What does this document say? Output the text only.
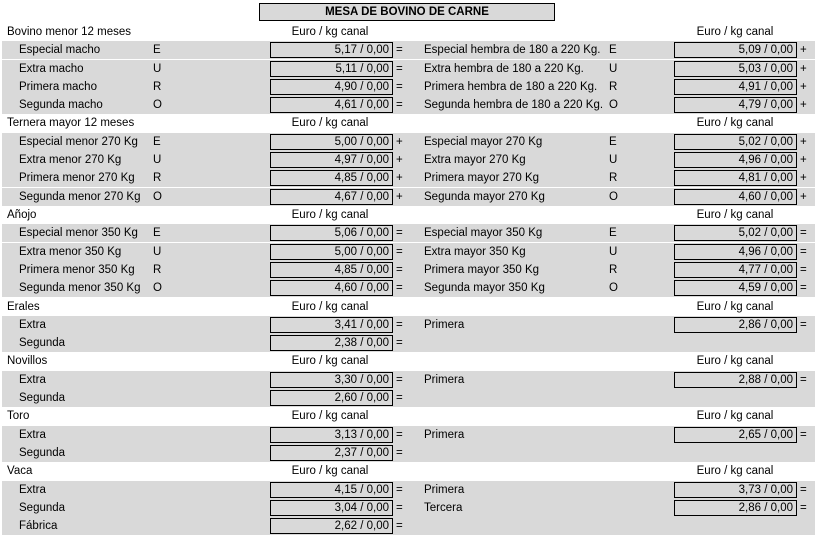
MESA DE BOVINO DE CARNE
Bovino menor 12 meses	Euro / kg canal	Euro / kg canal
Especial macho	E	5,17 / 0,00 = Especial hembra de 180 a 220 Kg. E	5,09 / 0,00 +
Extra macho	U	5,11 / 0,00 = Extra hembra de 180 a 220 Kg. U	5,03 / 0,00 +
Primera macho	R	4,90 / 0,00 = Primera hembra de 180 a 220 Kg. R	4,91 / 0,00 +
Segunda macho	O	4,61 / 0,00 = Segunda hembra de 180 a 220 Kg. O	4,79 / 0,00 +
Ternera mayor 12 meses	Euro / kg canal	Euro / kg canal
Especial menor 270 Kg E	5,00 / 0,00 + Especial mayor 270 Kg	E	5,02 / 0,00 +
Extra menor 270 Kg	U	4,97 / 0,00 + Extra mayor 270 Kg	U	4,96 / 0,00 +
Primera menor 270 Kg R	4,85 / 0,00 + Primera mayor 270 Kg	R	4,81 / 0,00 +
Segunda menor 270 Kg O	4,67 / 0,00 + Segunda mayor 270 Kg	O	4,60 / 0,00 +
Añojo	Euro / kg canal	Euro / kg canal
Especial menor 350 Kg E	5,06 / 0,00 = Especial mayor 350 Kg	E	5,02 / 0,00 =
Extra menor 350 Kg	U	5,00 / 0,00 = Extra mayor 350 Kg	U	4,96 / 0,00 =
Primera menor 350 Kg R	4,85 / 0,00 = Primera mayor 350 Kg	R	4,77 / 0,00 =
Segunda menor 350 Kg O	4,60 / 0,00 = Segunda mayor 350 Kg	O	4,59 / 0,00 =
Erales	Euro / kg canal	Euro / kg canal
Extra	3,41 / 0,00 = Primera	2,86 / 0,00 =
Segunda	2,38 / 0,00 =
Novillos	Euro / kg canal	Euro / kg canal
Extra	3,30 / 0,00 = Primera	2,88 / 0,00 =
Segunda	2,60 / 0,00 =
Toro	Euro / kg canal	Euro / kg canal
Extra	3,13 / 0,00 = Primera	2,65 / 0,00 =
Segunda	2,37 / 0,00 =
Vaca	Euro / kg canal	Euro / kg canal
Extra	4,15 / 0,00 = Primera	3,73 / 0,00 =
Segunda	3,04 / 0,00 = Tercera	2,86 / 0,00 =
Fábrica	2,62 / 0,00 =
